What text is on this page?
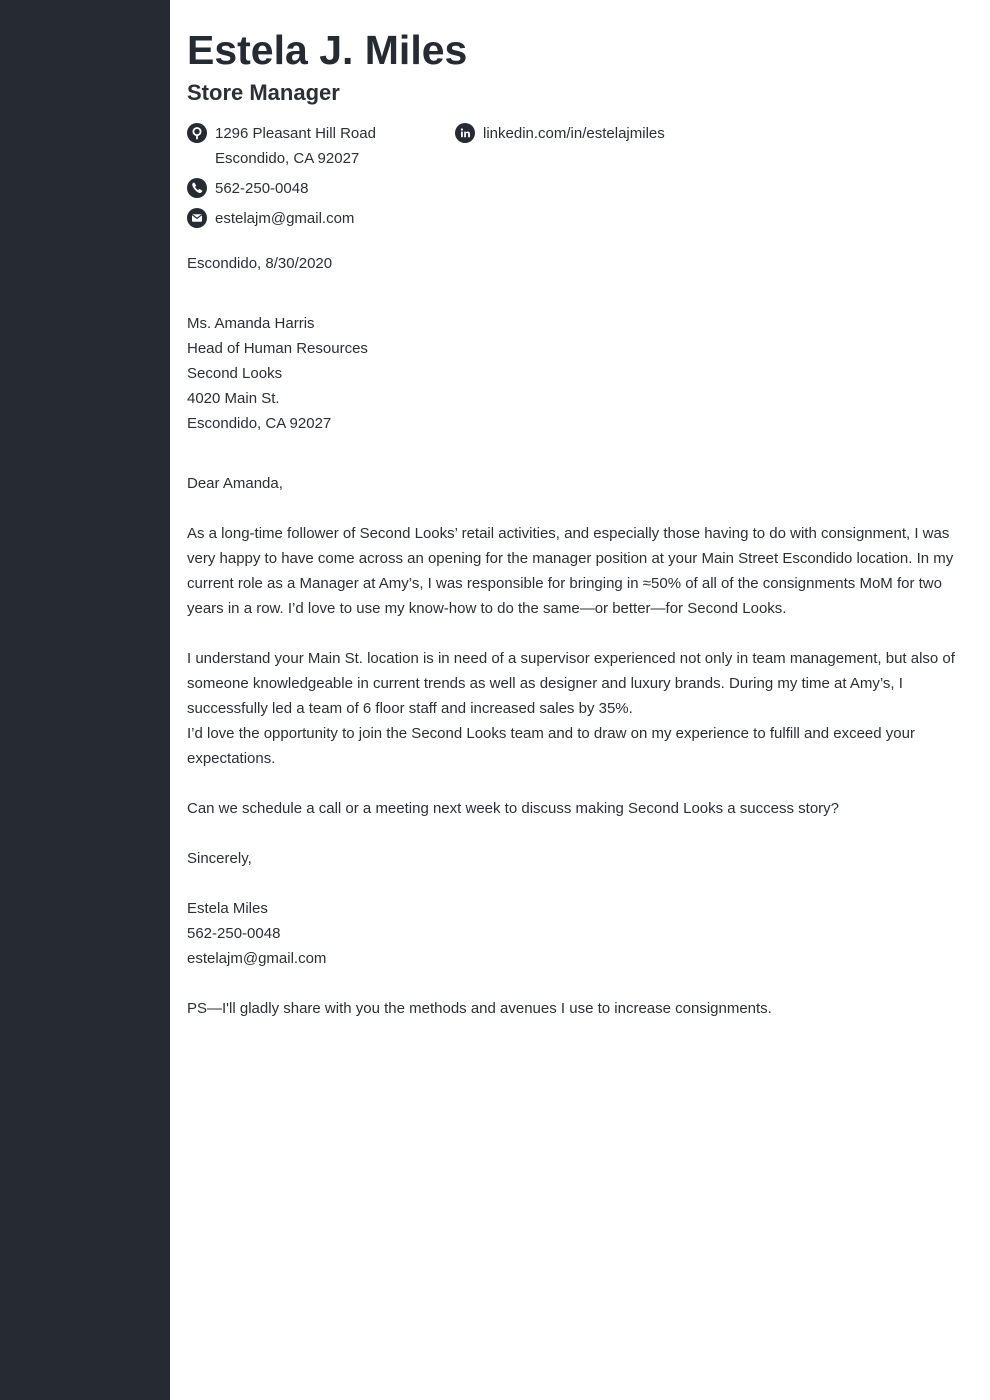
Estela J. Miles
Store Manager
1296 Pleasant Hill Road
Escondido, CA 92027
562-250-0048
estelajm@gmail.com
linkedin.com/in/estelajmiles

Escondido, 8/30/2020

Ms. Amanda Harris

Head of Human Resources

Second Looks

4020 Main St.

Escondido, CA 92027

Dear Amanda,

As a long-time follower of Second Looks’ retail activities, and especially those having to do with consignment, I was very happy to have come across an opening for the manager position at your Main Street Escondido location. In my current role as a Manager at Amy’s, I was responsible for bringing in ≈50% of all of the consignments MoM for two years in a row. I’d love to use my know-how to do the same—or better—for Second Looks.

I understand your Main St. location is in need of a supervisor experienced not only in team management, but also of someone knowledgeable in current trends as well as designer and luxury brands. During my time at Amy’s, I successfully led a team of 6 floor staff and increased sales by 35%.

I’d love the opportunity to join the Second Looks team and to draw on my experience to fulfill and exceed your expectations.

Can we schedule a call or a meeting next week to discuss making Second Looks a success story?

Sincerely,

Estela Miles

562-250-0048

estelajm@gmail.com

PS—I'll gladly share with you the methods and avenues I use to increase consignments.
